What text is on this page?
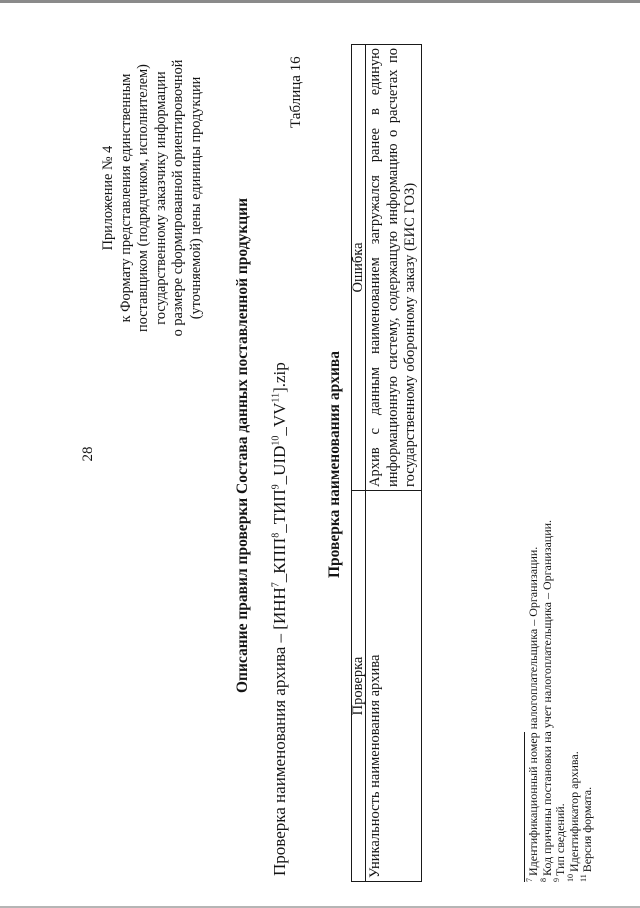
28
Приложение № 4 к Формату представления единственным поставщиком (подрядчиком, исполнителем) государственному заказчику информации о размере сформированной ориентировочной (уточняемой) цены единицы продукции	Таблица 16
Описание правил проверки Состава данных поставленной продукции
Проверка наименования архива – [ИНН$^7$_КПП$^8$_ТИП$^9$_UID$^{10}$_VV$^{11}$].zip Проверка наименования архива
Проверка	Ошибка
Уникальность наименования архива	Архив с данным наименованием загружался ранее в единую информационную систему, содержащую информацию о расчетах по государственному оборонному заказу (ЕИС ГОЗ)
$^7$Идентификационный номер налогоплательщика – Организации.
$^8$Код причины постановки на учет налогоплательщика – Организации.
$^9$Тип сведений.
$^{10}$Идентификатор архива.
$^{11}$Версия формата.
